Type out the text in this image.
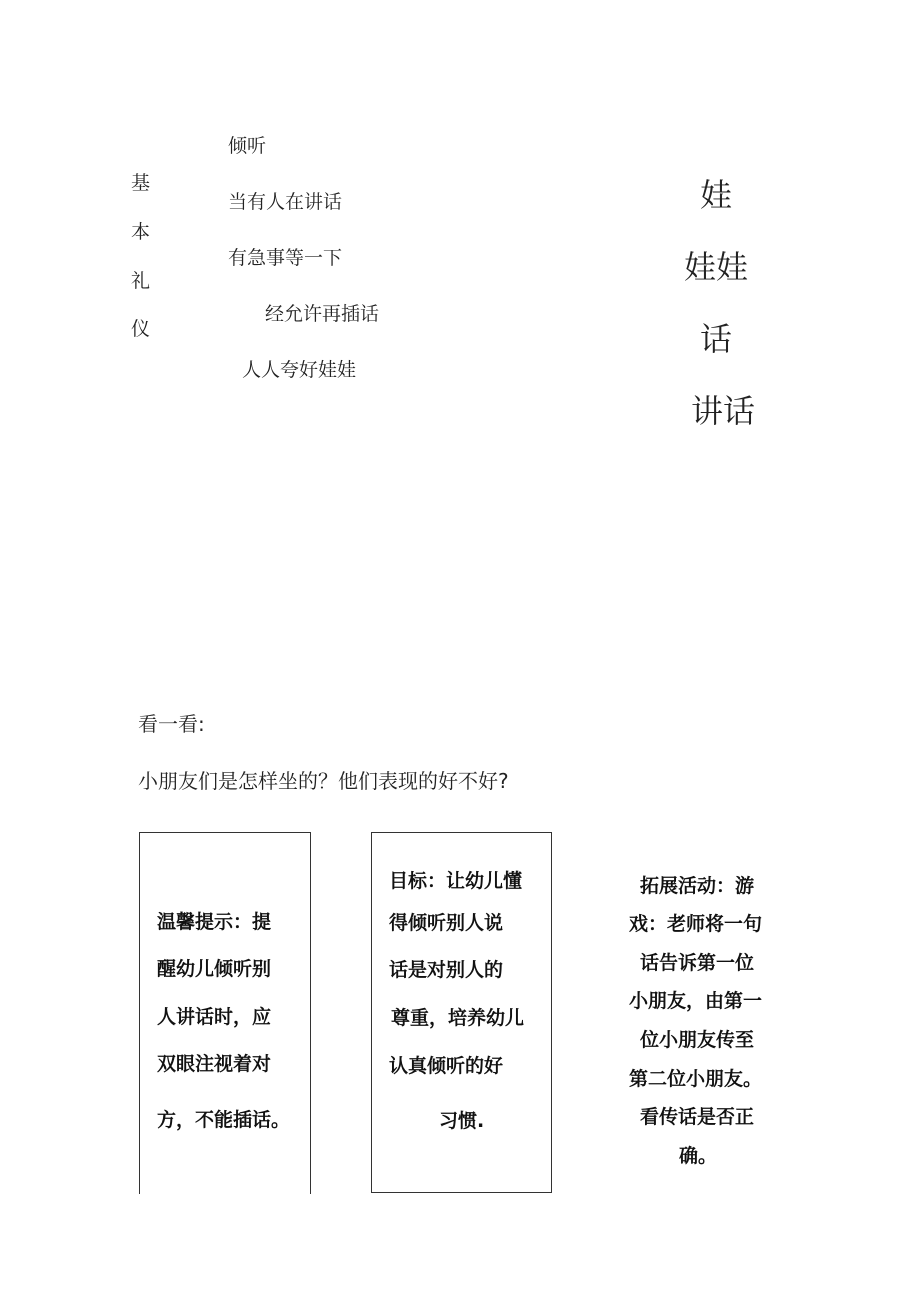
基
本
礼
仪
倾听
当有人在讲话
有急事等一下
经允许再插话
人人夸好娃娃
娃
娃娃
话
讲话
看一看:
小朋友们是怎样坐的？他们表现的好不好?
温馨提示：提
醒幼儿倾听别
人讲话时，应
双眼注视着对
方，不能插话。
目标：让幼儿懂
得倾听别人说
话是对别人的
尊重，培养幼儿
认真倾听的好
习惯.
拓展活动：游
戏：老师将一句
话告诉第一位
小朋友，由第一
位小朋友传至
第二位小朋友。
看传话是否正
确。
